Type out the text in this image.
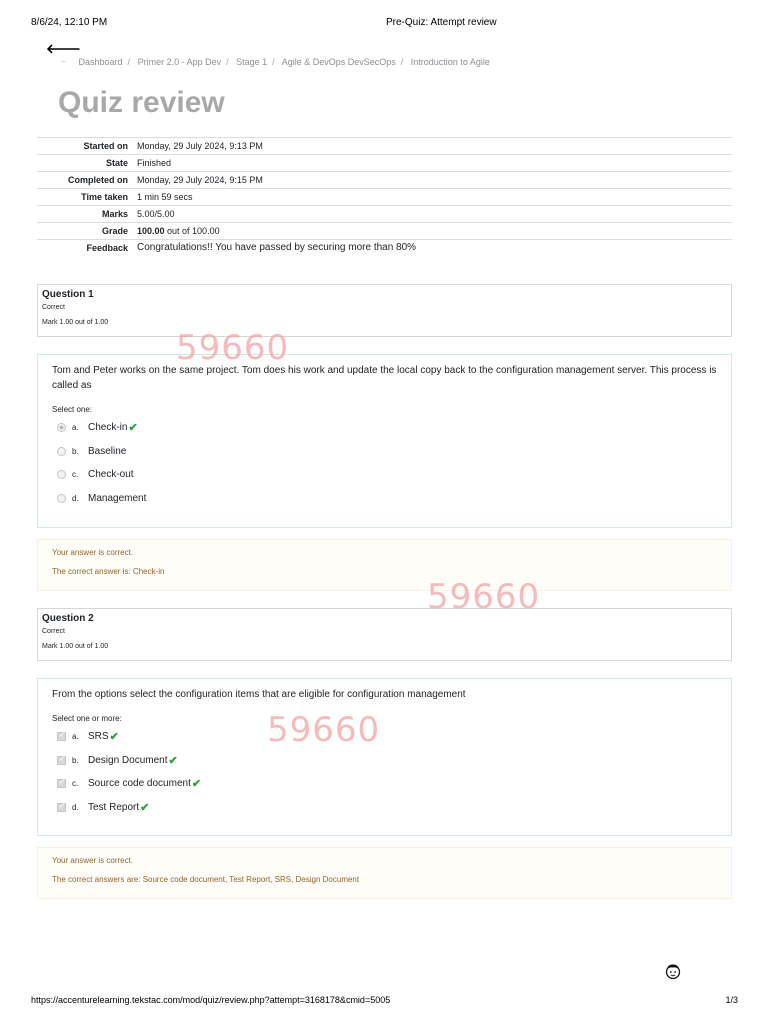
8/6/24, 12:10 PM	Pre-Quiz: Attempt review
🡐
◦◦◦ Dashboard / Primer 2.0 - App Dev / Stage 1 / Agile & DevOps DevSecOps / Introduction to Agile
Quiz review
Started on	Monday, 29 July 2024, 9:13 PM
State	Finished
Completed on	Monday, 29 July 2024, 9:15 PM
Time taken	1 min 59 secs
Marks	5.00/5.00
Grade	100.00 out of 100.00
Feedback	Congratulations!! You have passed by securing more than 80%
Question 1
Correct
Mark 1.00 out of 1.00
Tom and Peter works on the same project. Tom does his work and update the local copy back to the configuration management server. This process is called as
Select one:
a. Check-in ✔
b. Baseline
c. Check-out
d. Management
Your answer is correct.
The correct answer is: Check-in
Question 2
Correct
Mark 1.00 out of 1.00
From the options select the configuration items that are eligible for configuration management
Select one or more:
✓
a. SRS ✔
✓
b. Design Document ✔
✓
c. Source code document ✔
✓
d. Test Report ✔
Your answer is correct.
The correct answers are: Source code document, Test Report, SRS, Design Document
59660
59660
59660
https://accenturelearning.tekstac.com/mod/quiz/review.php?attempt=3168178&cmid=5005	1/3
